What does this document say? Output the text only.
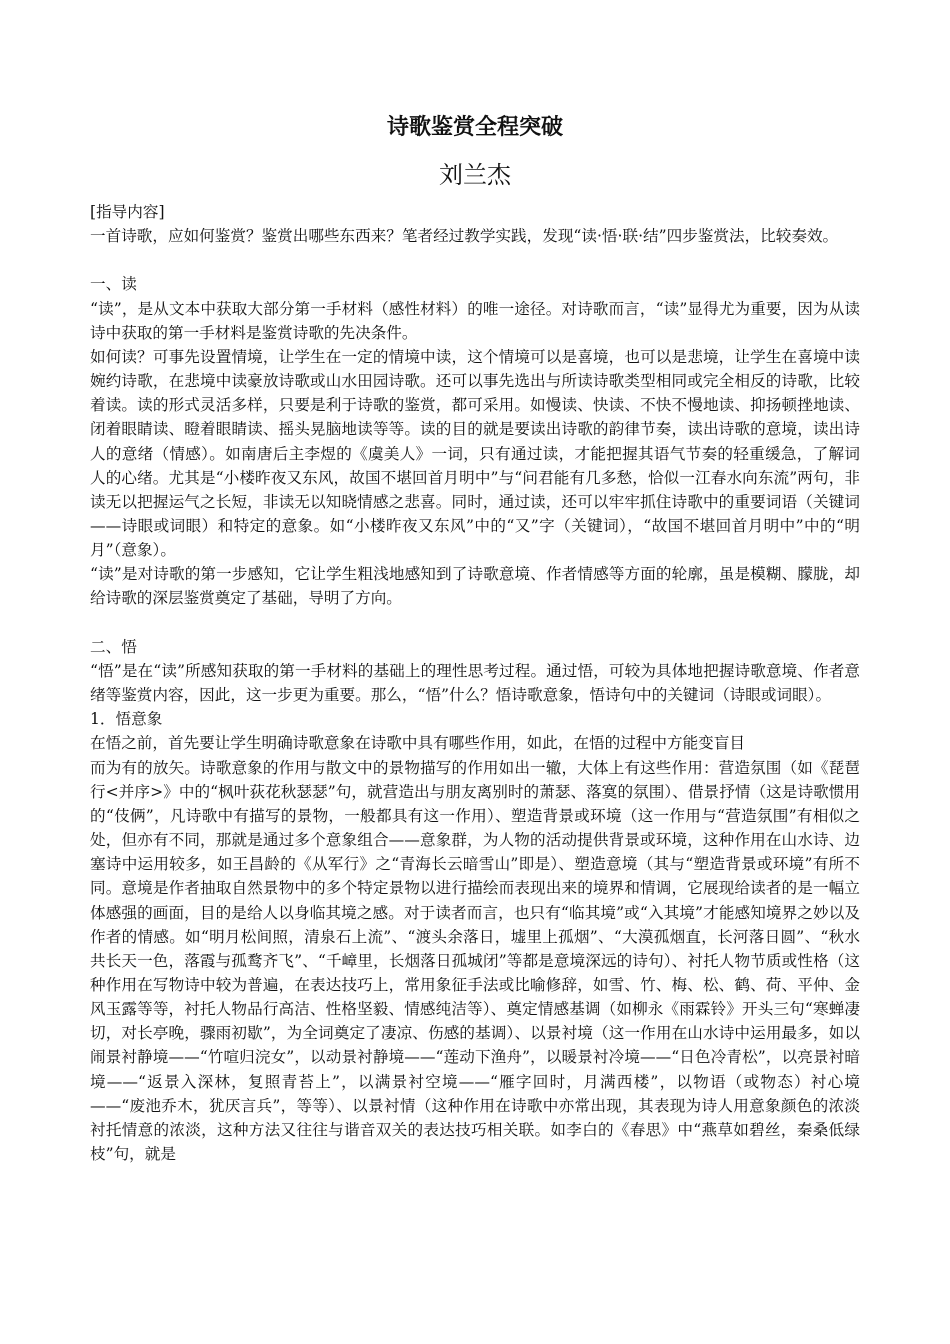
诗歌鉴赏全程突破
刘兰杰

[指导内容]

一首诗歌，应如何鉴赏？鉴赏出哪些东西来？笔者经过教学实践，发现“读·悟·联·结”四步鉴赏法，比较奏效。

一、读

“读”，是从文本中获取大部分第一手材料（感性材料）的唯一途径。对诗歌而言，“读”显得尤为重要，因为从读诗中获取的第一手材料是鉴赏诗歌的先决条件。

如何读？可事先设置情境，让学生在一定的情境中读，这个情境可以是喜境，也可以是悲境，让学生在喜境中读婉约诗歌，在悲境中读豪放诗歌或山水田园诗歌。还可以事先选出与所读诗歌类型相同或完全相反的诗歌，比较着读。读的形式灵活多样，只要是利于诗歌的鉴赏，都可采用。如慢读、快读、不快不慢地读、抑扬顿挫地读、闭着眼睛读、瞪着眼睛读、摇头晃脑地读等等。读的目的就是要读出诗歌的韵律节奏，读出诗歌的意境，读出诗人的意绪（情感）。如南唐后主李煜的《虞美人》一词，只有通过读，才能把握其语气节奏的轻重缓急，了解词人的心绪。尤其是“小楼昨夜又东风，故国不堪回首月明中”与“问君能有几多愁，恰似一江春水向东流”两句，非读无以把握运气之长短，非读无以知晓情感之悲喜。同时，通过读，还可以牢牢抓住诗歌中的重要词语（关键词——诗眼或词眼）和特定的意象。如“小楼昨夜又东风”中的“又”字（关键词），“故国不堪回首月明中”中的“明月”（意象）。

“读”是对诗歌的第一步感知，它让学生粗浅地感知到了诗歌意境、作者情感等方面的轮廓，虽是模糊、朦胧，却给诗歌的深层鉴赏奠定了基础，导明了方向。

二、悟

“悟”是在“读”所感知获取的第一手材料的基础上的理性思考过程。通过悟，可较为具体地把握诗歌意境、作者意绪等鉴赏内容，因此，这一步更为重要。那么，“悟”什么？悟诗歌意象，悟诗句中的关键词（诗眼或词眼）。

1．悟意象

在悟之前，首先要让学生明确诗歌意象在诗歌中具有哪些作用，如此，在悟的过程中方能变盲目

而为有的放矢。诗歌意象的作用与散文中的景物描写的作用如出一辙，大体上有这些作用：营造氛围（如《琵琶行<并序>》中的“枫叶荻花秋瑟瑟”句，就营造出与朋友离别时的萧瑟、落寞的氛围）、借景抒情（这是诗歌惯用的“伎俩”，凡诗歌中有描写的景物，一般都具有这一作用）、塑造背景或环境（这一作用与“营造氛围”有相似之处，但亦有不同，那就是通过多个意象组合——意象群，为人物的活动提供背景或环境，这种作用在山水诗、边塞诗中运用较多，如王昌龄的《从军行》之“青海长云暗雪山”即是）、塑造意境（其与“塑造背景或环境”有所不同。意境是作者抽取自然景物中的多个特定景物以进行描绘而表现出来的境界和情调，它展现给读者的是一幅立体感强的画面，目的是给人以身临其境之感。对于读者而言，也只有“临其境”或“入其境”才能感知境界之妙以及作者的情感。如“明月松间照，清泉石上流”、“渡头余落日，墟里上孤烟”、“大漠孤烟直，长河落日圆”、“秋水共长天一色，落霞与孤鹜齐飞”、“千嶂里，长烟落日孤城闭”等都是意境深远的诗句）、衬托人物节质或性格（这种作用在写物诗中较为普遍，在表达技巧上，常用象征手法或比喻修辞，如雪、竹、梅、松、鹤、荷、平仲、金风玉露等等，衬托人物品行高洁、性格坚毅、情感纯洁等）、奠定情感基调（如柳永《雨霖铃》开头三句“寒蝉凄切，对长亭晚，骤雨初歇”，为全词奠定了凄凉、伤感的基调）、以景衬境（这一作用在山水诗中运用最多，如以闹景衬静境——“竹喧归浣女”，以动景衬静境——“莲动下渔舟”，以暖景衬冷境——“日色冷青松”，以亮景衬暗境——“返景入深林，复照青苔上”，以满景衬空境——“雁字回时，月满西楼”，以物语（或物态）衬心境——“废池乔木，犹厌言兵”，等等）、以景衬情（这种作用在诗歌中亦常出现，其表现为诗人用意象颜色的浓淡衬托情意的浓淡，这种方法又往往与谐音双关的表达技巧相关联。如李白的《春思》中“燕草如碧丝，秦桑低绿枝”句，就是
